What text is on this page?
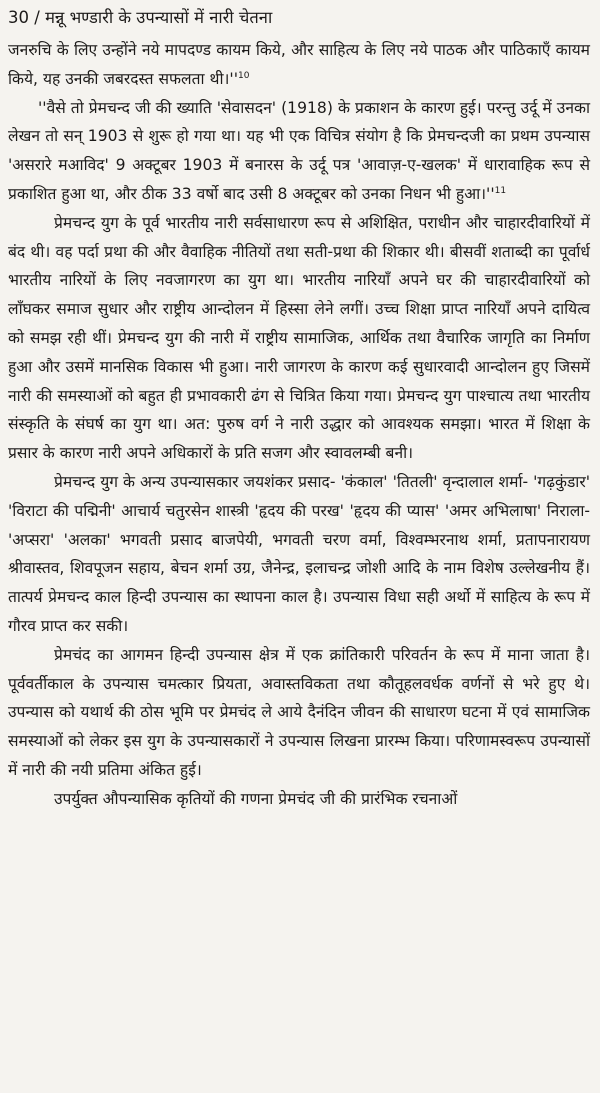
30 / मन्नू भण्डारी के उपन्यासों में नारी चेतना

जनरुचि के लिए उन्होंने नये मापदण्ड कायम किये, और साहित्य के लिए नये पाठक और पाठिकाएँ कायम किये, यह उनकी जबरदस्त सफलता $थी।''^{10}$

''वैसे तो प्रेमचन्द जी की ख्याति 'सेवासदन' (1918) के प्रकाशन के कारण हुई। परन्तु उर्दू में उनका लेखन तो सन् 1903 से शुरू हो गया था। यह भी एक विचित्र संयोग है कि प्रेमचन्दजी का प्रथम उपन्यास 'असरारे मआविद' 9 अक्टूबर 1903 में बनारस के उर्दू पत्र 'आवाज़-ए-खलक' में धारावाहिक रूप से प्रकाशित हुआ था, और ठीक 33 वर्षो बाद उसी 8 अक्टूबर को उनका निधन भी $हुआ।''^{11}$

प्रेमचन्द युग के पूर्व भारतीय नारी सर्वसाधारण रूप से अशिक्षित, पराधीन और चाहारदीवारियों में बंद थी। वह पर्दा प्रथा की और वैवाहिक नीतियों तथा सती-प्रथा की शिकार थी। बीसवीं शताब्दी का पूर्वार्ध भारतीय नारियों के लिए नवजागरण का युग था। भारतीय नारियाँ अपने घर की चाहारदीवारियों को लाँघकर समाज सुधार और राष्ट्रीय आन्दोलन में हिस्सा लेने लगीं। उच्च शिक्षा प्राप्त नारियाँ अपने दायित्व को समझ रही थीं। प्रेमचन्द युग की नारी में राष्ट्रीय सामाजिक, आर्थिक तथा वैचारिक जागृति का निर्माण हुआ और उसमें मानसिक विकास भी हुआ। नारी जागरण के कारण कई सुधारवादी आन्दोलन हुए जिसमें नारी की समस्याओं को बहुत ही प्रभावकारी ढंग से चित्रित किया गया। प्रेमचन्द युग पाश्चात्य तथा भारतीय संस्कृति के संघर्ष का युग था। अत: पुरुष वर्ग ने नारी उद्धार को आवश्यक समझा। भारत में शिक्षा के प्रसार के कारण नारी अपने अधिकारों के प्रति सजग और स्वावलम्बी बनी।

प्रेमचन्द युग के अन्य उपन्यासकार जयशंकर प्रसाद- 'कंकाल' 'तितली' वृन्दालाल शर्मा- 'गढ़कुंडार' 'विराटा की पद्मिनी' आचार्य चतुरसेन शास्त्री 'हृदय की परख' 'हृदय की प्यास' 'अमर अभिलाषा' निराला- 'अप्सरा' 'अलका' भगवती प्रसाद बाजपेयी, भगवती चरण वर्मा, विश्वम्भरनाथ शर्मा, प्रतापनारायण श्रीवास्तव, शिवपूजन सहाय, बेचन शर्मा उग्र, जैनेन्द्र, इलाचन्द्र जोशी आदि के नाम विशेष उल्लेखनीय हैं। तात्पर्य प्रेमचन्द काल हिन्दी उपन्यास का स्थापना काल है। उपन्यास विधा सही अर्थो में साहित्य के रूप में गौरव प्राप्त कर सकी।

प्रेमचंद का आगमन हिन्दी उपन्यास क्षेत्र में एक क्रांतिकारी परिवर्तन के रूप में माना जाता है। पूर्ववर्तीकाल के उपन्यास चमत्कार प्रियता, अवास्तविकता तथा कौतूहलवर्धक वर्णनों से भरे हुए थे। उपन्यास को यथार्थ की ठोस भूमि पर प्रेमचंद ले आये दैनंदिन जीवन की साधारण घटना में एवं सामाजिक समस्याओं को लेकर इस युग के उपन्यासकारों ने उपन्यास लिखना प्रारम्भ किया। परिणामस्वरूप उपन्यासों में नारी की नयी प्रतिमा अंकित हुई।

उपर्युक्त औपन्यासिक कृतियों की गणना प्रेमचंद जी की प्रारंभिक रचनाओं
